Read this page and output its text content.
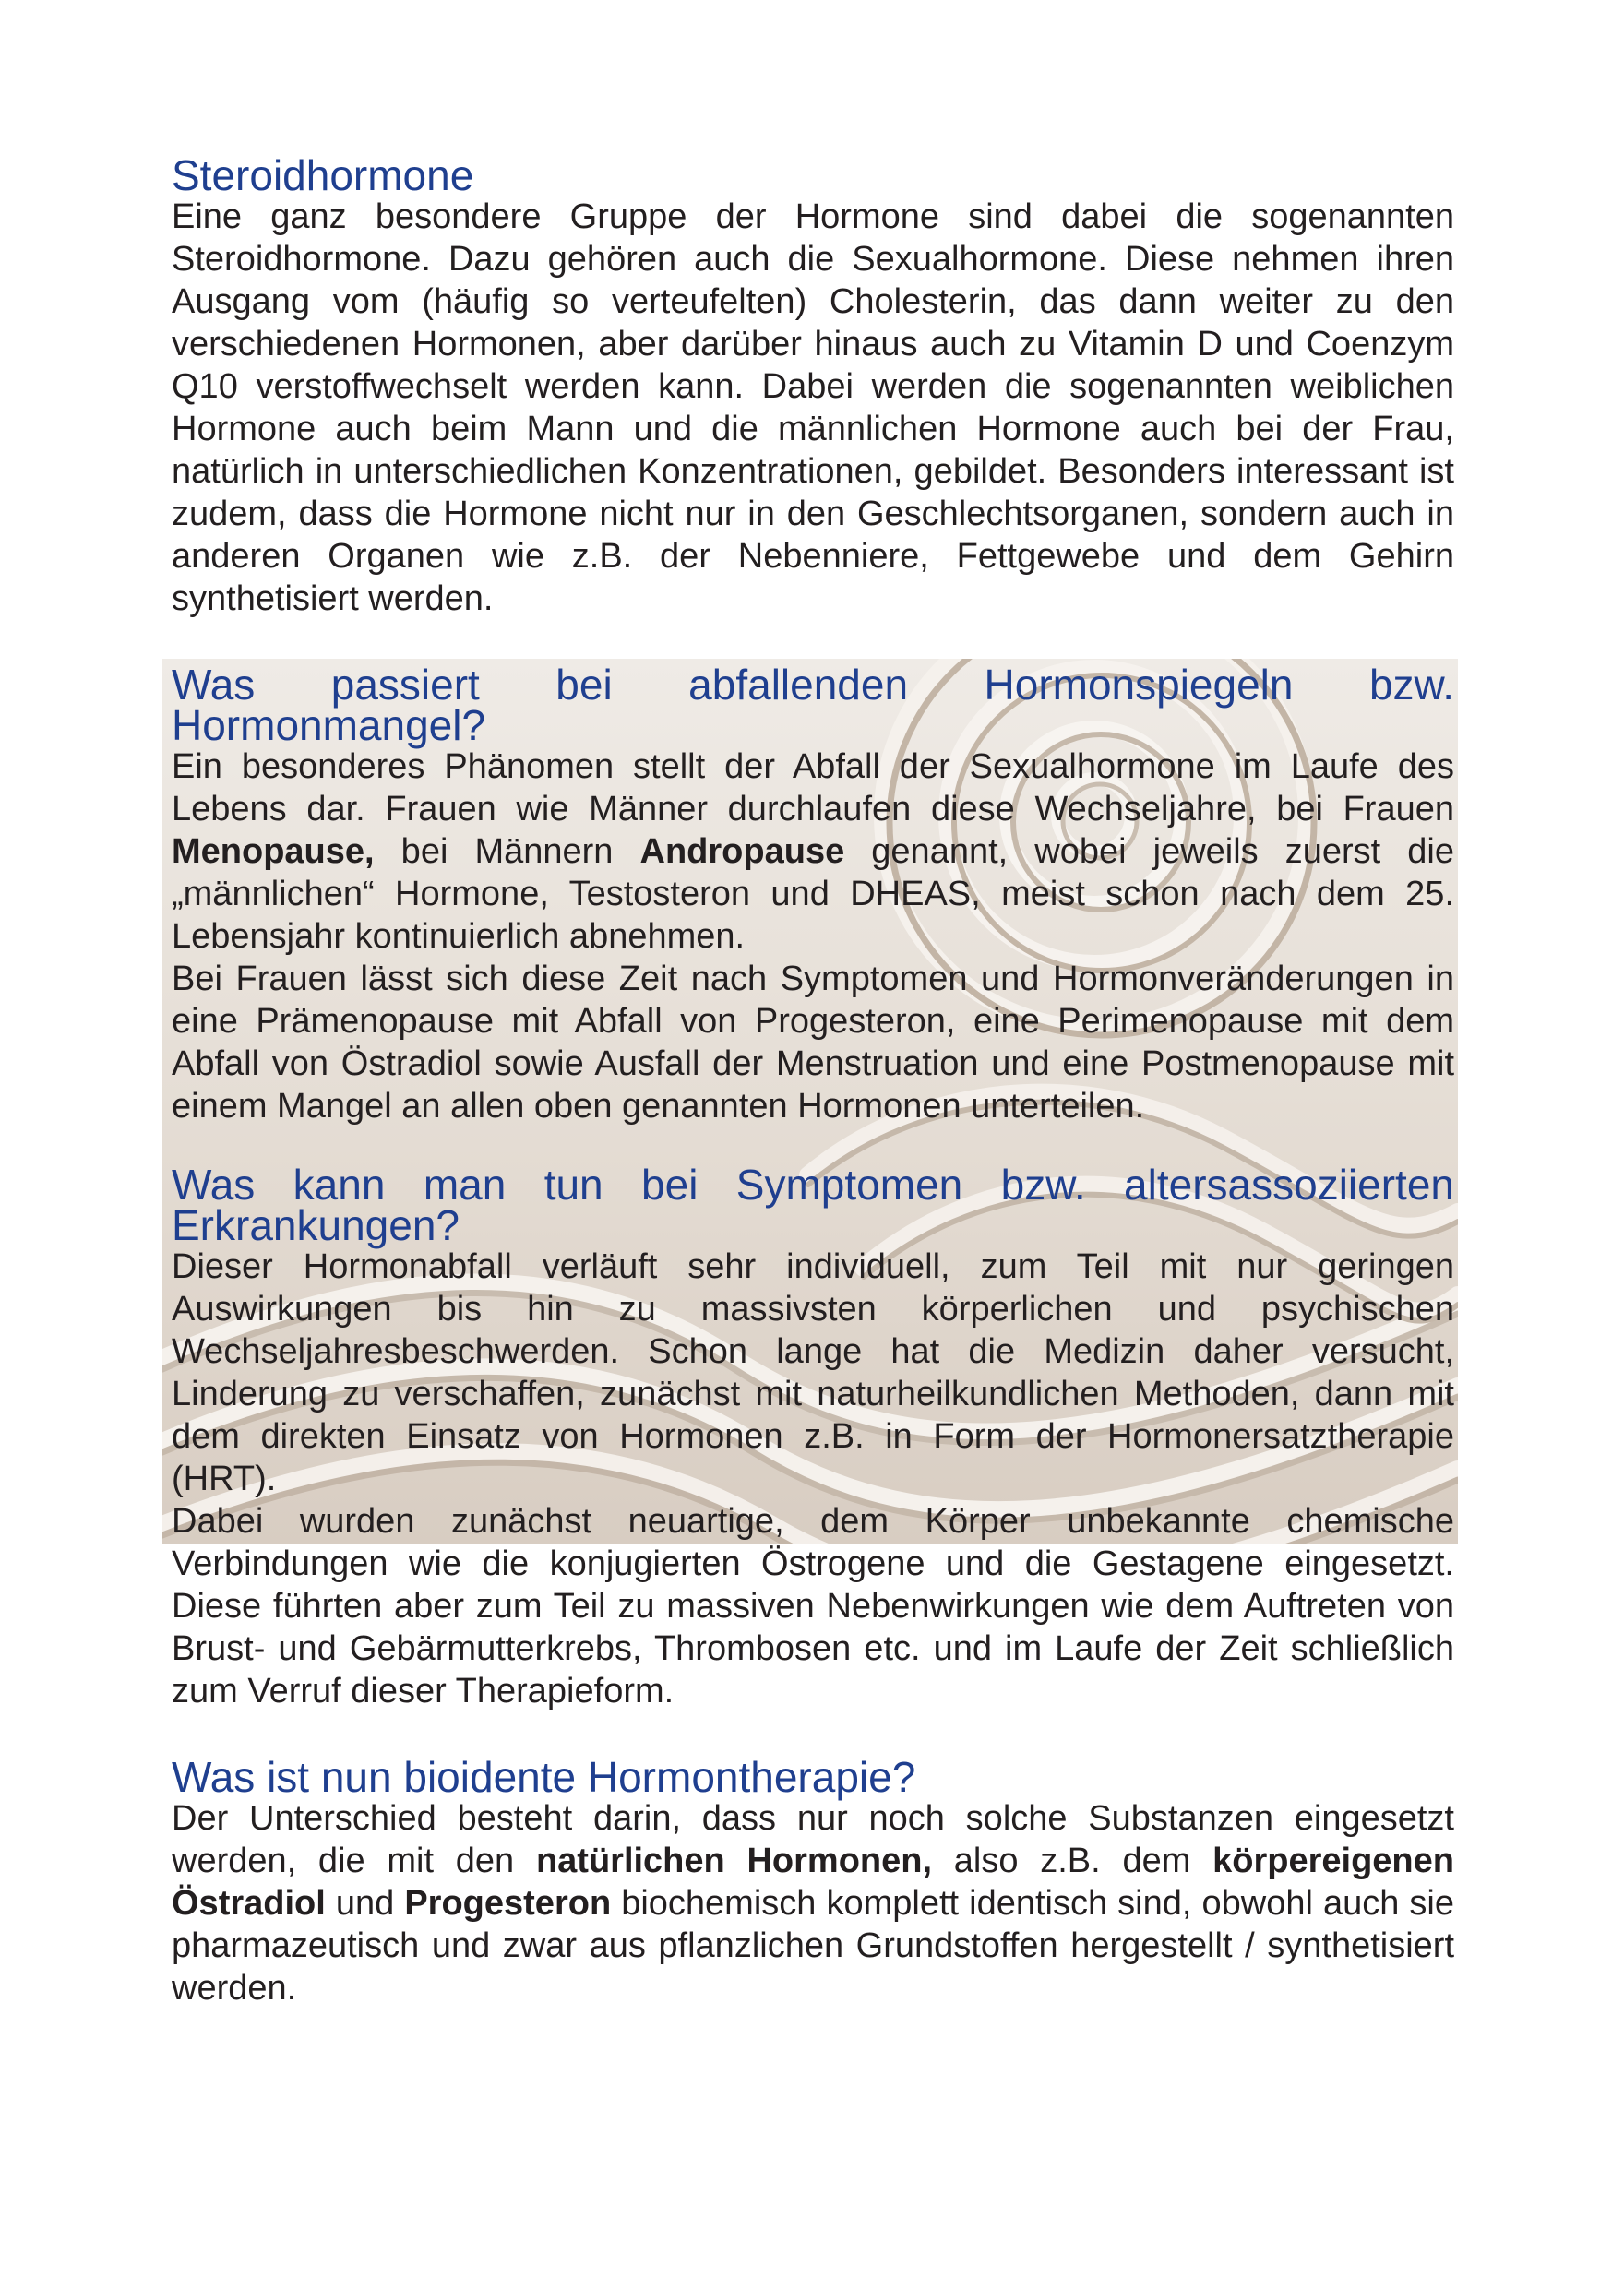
Steroidhormone

Eine ganz besondere Gruppe der Hormone sind dabei die sogenannten Steroidhormone. Dazu gehören auch die Sexualhormone. Diese nehmen ihren Ausgang vom (häufig so verteufelten) Cholesterin, das dann weiter zu den verschiedenen Hormonen, aber darüber hinaus auch zu Vitamin D und Coenzym Q10 verstoffwechselt werden kann. Dabei werden die sogenannten weiblichen Hormone auch beim Mann und die männlichen Hormone auch bei der Frau, natürlich in unterschiedlichen Konzentrationen, gebildet. Besonders interessant ist zudem, dass die Hormone nicht nur in den Geschlechtsorganen, sondern auch in anderen Organen wie z.B. der Nebenniere, Fettgewebe und dem Gehirn synthetisiert werden.

Was passiert bei abfallenden Hormonspiegeln bzw. Hormonmangel?

Ein besonderes Phänomen stellt der Abfall der Sexualhormone im Laufe des Lebens dar. Frauen wie Männer durchlaufen diese Wechseljahre, bei Frauen Menopause, bei Männern Andropause genannt, wobei jeweils zuerst die „männlichen“ Hormone, Testosteron und DHEAS, meist schon nach dem 25. Lebensjahr kontinuierlich abnehmen.

Bei Frauen lässt sich diese Zeit nach Symptomen und Hormonveränderungen in eine Prämenopause mit Abfall von Progesteron, eine Perimenopause mit dem Abfall von Östradiol sowie Ausfall der Menstruation und eine Postmenopause mit einem Mangel an allen oben genannten Hormonen unterteilen.

Was kann man tun bei Symptomen bzw. altersassoziierten Erkrankungen?

Dieser Hormonabfall verläuft sehr individuell, zum Teil mit nur geringen Auswirkungen bis hin zu massivsten körperlichen und psychischen Wechseljahresbeschwerden. Schon lange hat die Medizin daher versucht, Linderung zu verschaffen, zunächst mit naturheilkundlichen Methoden, dann mit dem direkten Einsatz von Hormonen z.B. in Form der Hormonersatztherapie (HRT).

Dabei wurden zunächst neuartige, dem Körper unbekannte chemische Verbindungen wie die konjugierten Östrogene und die Gestagene eingesetzt. Diese führten aber zum Teil zu massiven Nebenwirkungen wie dem Auftreten von Brust- und Gebärmutterkrebs, Thrombosen etc. und im Laufe der Zeit schließlich zum Verruf dieser Therapieform.

Was ist nun bioidente Hormontherapie?

Der Unterschied besteht darin, dass nur noch solche Substanzen eingesetzt werden, die mit den natürlichen Hormonen, also z.B. dem körpereigenen Östradiol und Progesteron biochemisch komplett identisch sind, obwohl auch sie pharmazeutisch und zwar aus pflanzlichen Grundstoffen hergestellt / synthetisiert werden.
